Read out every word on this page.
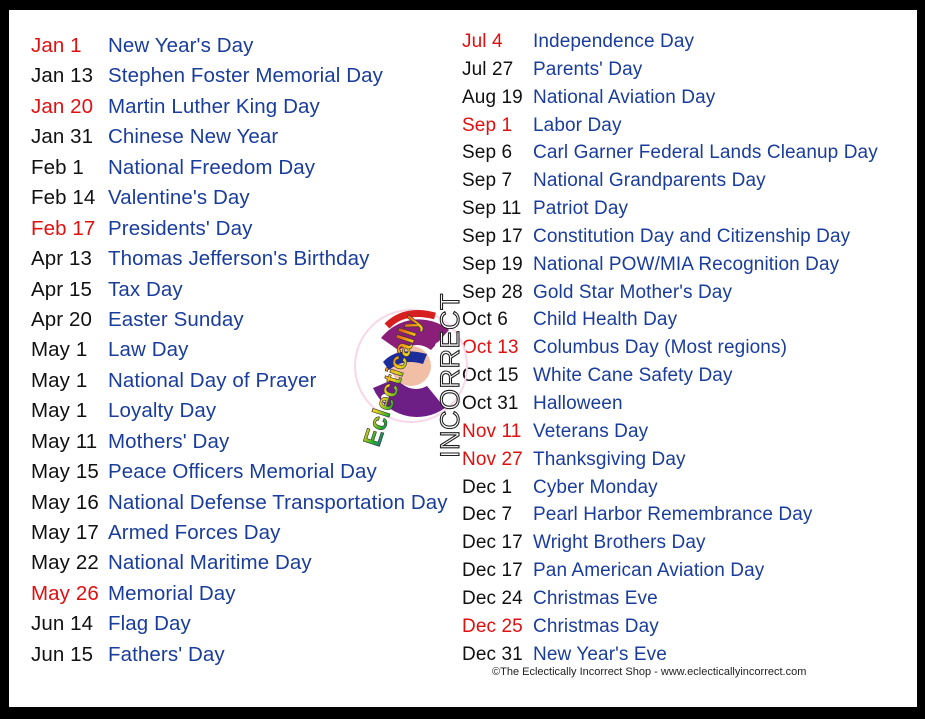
Jan 1	New Year's Day
Jan 13 Stephen Foster Memorial Day
Jan 20 Martin Luther King Day
Jan 31 Chinese New Year
Feb 1	National Freedom Day
Feb 14 Valentine's Day
Feb 17 Presidents' Day
Apr 13 Thomas Jefferson's Birthday
Apr 15 Tax Day
Apr 20 Easter Sunday
May 1	Law Day
May 1	National Day of Prayer
May 1	Loyalty Day
May 11 Mothers' Day
May 15 Peace Officers Memorial Day
May 16 National Defense Transportation Day
May 17 Armed Forces Day
May 22 National Maritime Day
May 26 Memorial Day
Jun 14 Flag Day
Jun 15 Fathers' Day
Jul 4	Independence Day
Jul 27	Parents' Day
Aug 19 National Aviation Day
Sep 1	Labor Day
Sep 6	Carl Garner Federal Lands Cleanup Day
Sep 7	National Grandparents Day
Sep 11 Patriot Day
Sep 17 Constitution Day and Citizenship Day
Sep 19 National POW/MIA Recognition Day
Sep 28 Gold Star Mother's Day
Oct 6	Child Health Day
Oct 13 Columbus Day (Most regions)
Oct 15 White Cane Safety Day
Oct 31 Halloween
Nov 11 Veterans Day
Nov 27 Thanksgiving Day
Dec 1	Cyber Monday
Dec 7	Pearl Harbor Remembrance Day
Dec 17 Wright Brothers Day
Dec 17 Pan American Aviation Day
Dec 24 Christmas Eve
Dec 25 Christmas Day
Dec 31 New Year's Eve
Eclectically INCORRECT
©The Eclectically Incorrect Shop - www.eclecticallyincorrect.com
